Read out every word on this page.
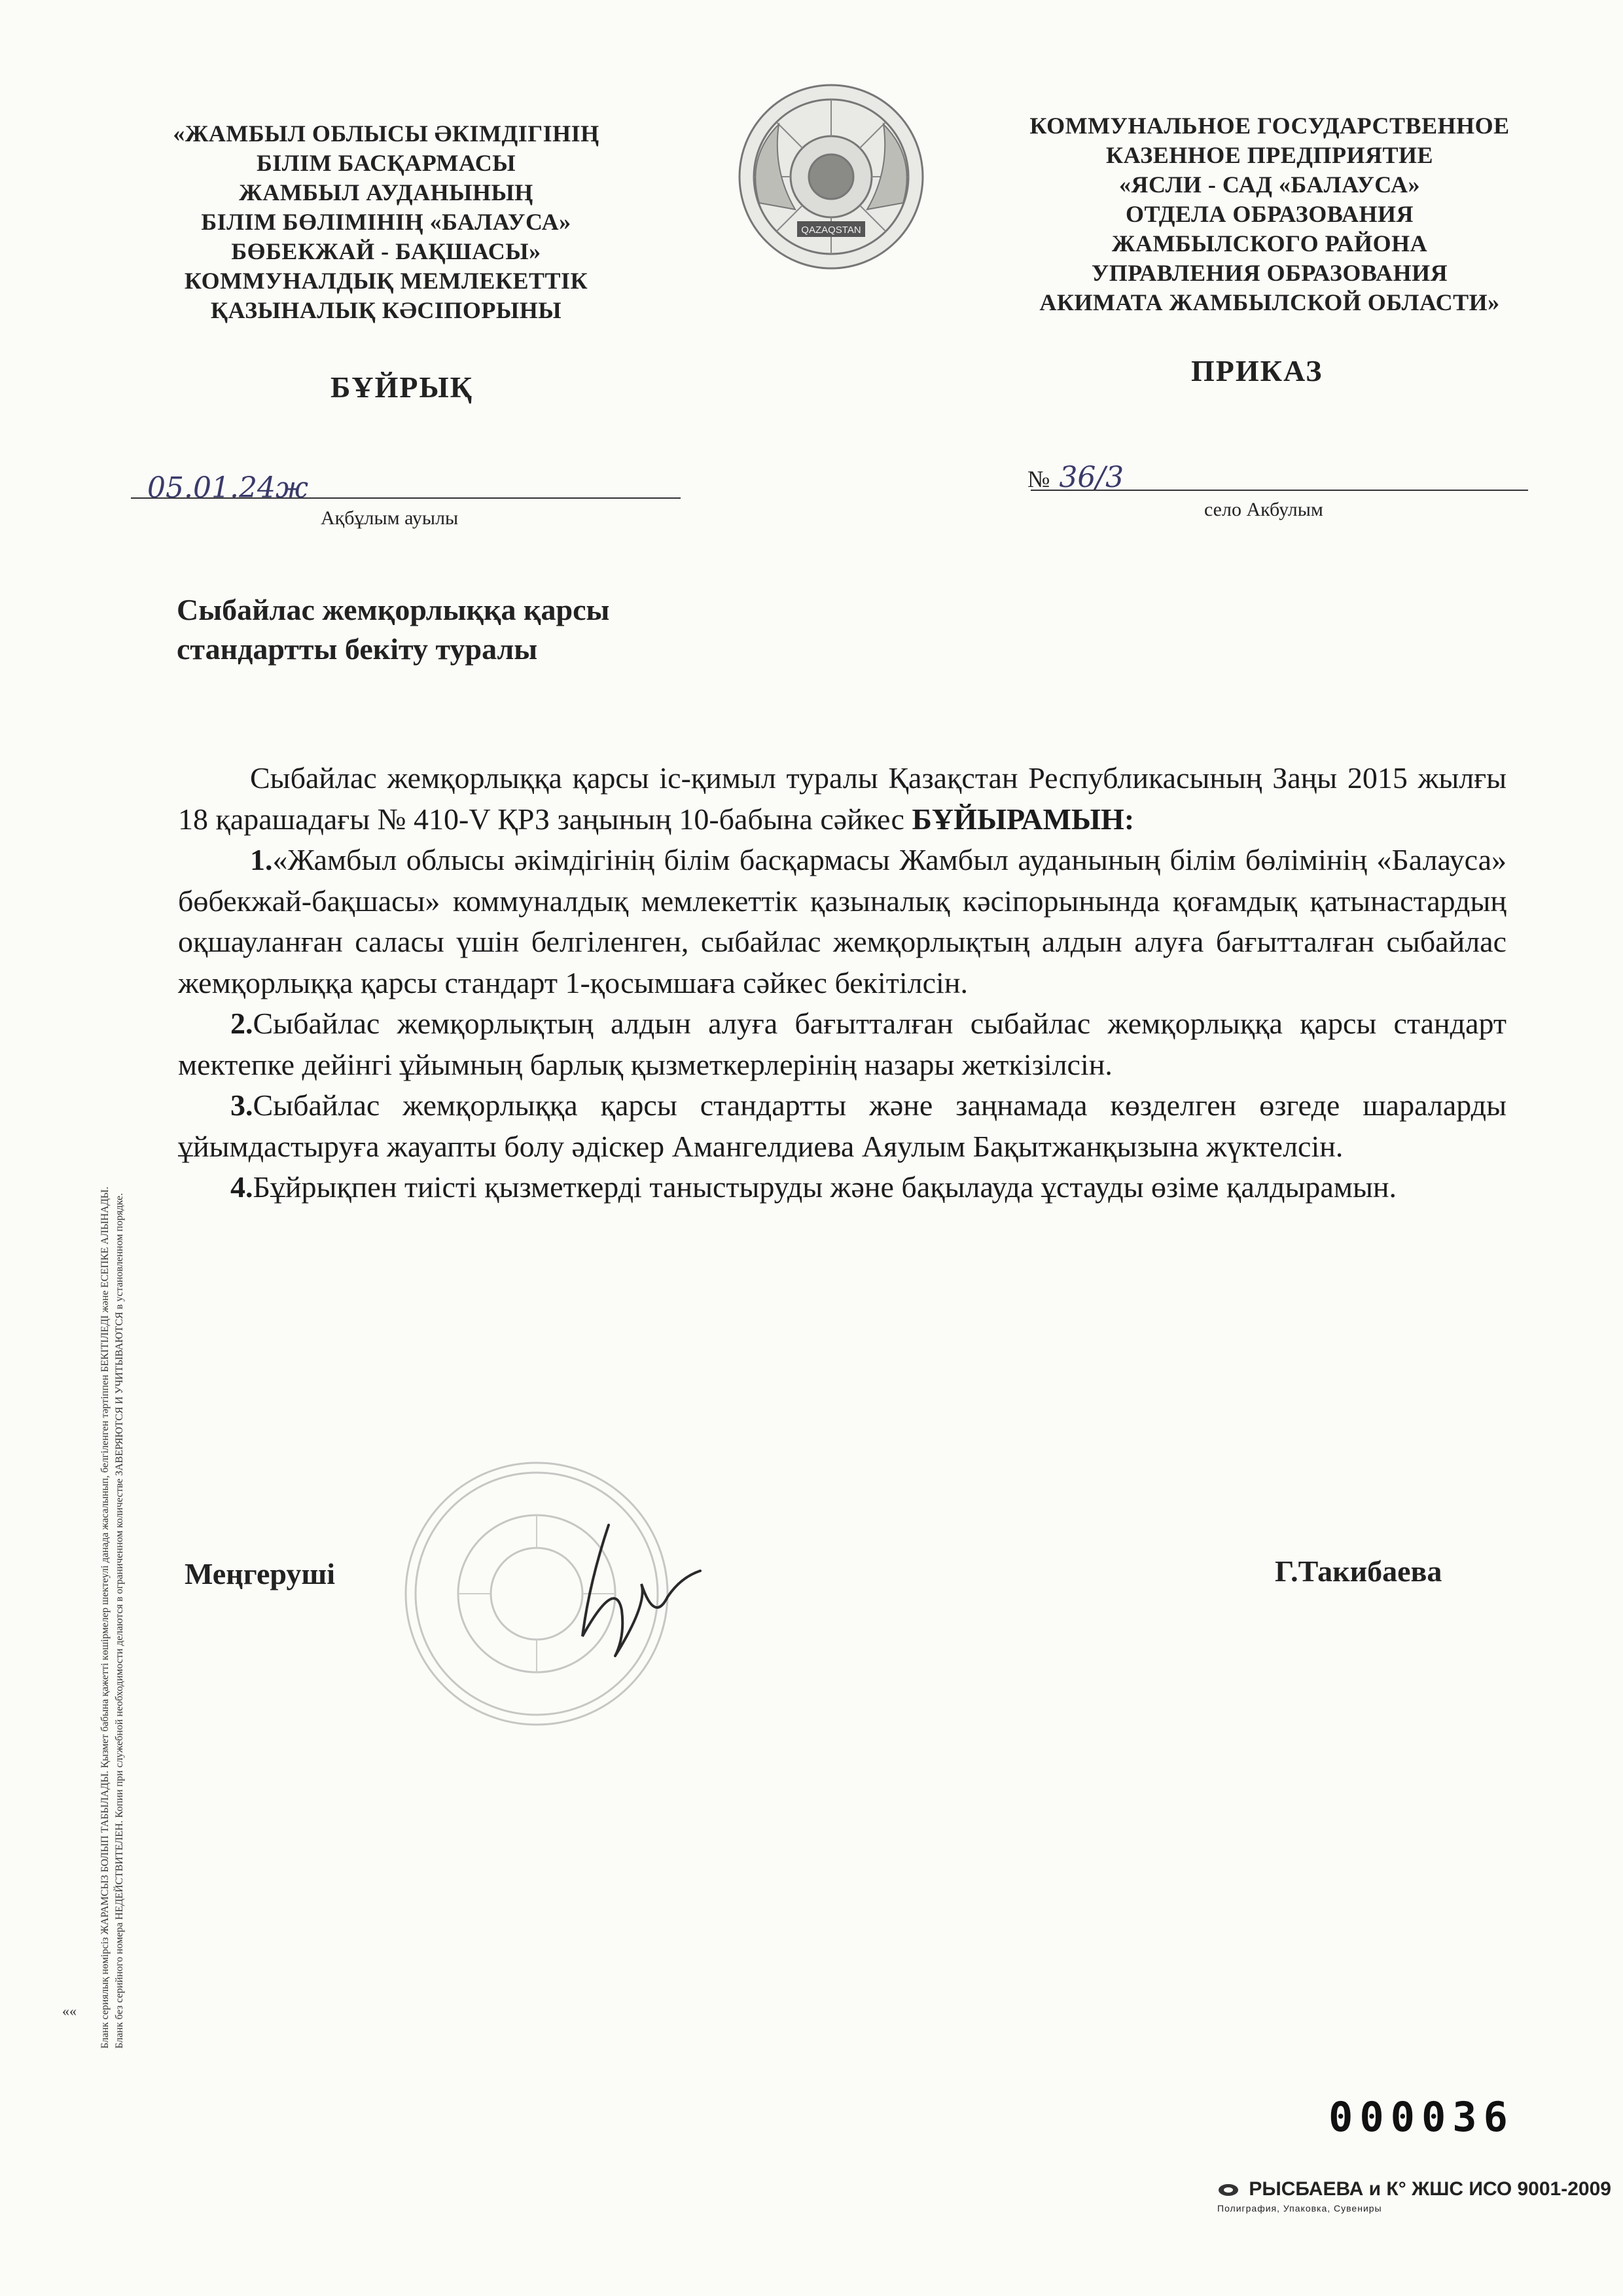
«ЖАМБЫЛ ОБЛЫСЫ ӘКІМДІГІНІҢ
БІЛІМ БАСҚАРМАСЫ
ЖАМБЫЛ АУДАНЫНЫҢ
БІЛІМ БӨЛІМІНІҢ «БАЛАУСА»
БӨБЕКЖАЙ - БАҚШАСЫ»
КОММУНАЛДЫҚ МЕМЛЕКЕТТІК
ҚАЗЫНАЛЫҚ КӘСІПОРЫНЫ
QAZAQSTAN
КОММУНАЛЬНОЕ ГОСУДАРСТВЕННОЕ
КАЗЕННОЕ ПРЕДПРИЯТИЕ
«ЯСЛИ - САД «БАЛАУСА»
ОТДЕЛА ОБРАЗОВАНИЯ
ЖАМБЫЛСКОГО РАЙОНА
УПРАВЛЕНИЯ ОБРАЗОВАНИЯ
АКИМАТА ЖАМБЫЛСКОЙ ОБЛАСТИ»
БҰЙРЫҚ	ПРИКАЗ
05.01.24ж
Ақбұлым ауылы
№ 36/3
село Акбулым
Сыбайлас жемқорлыққа қарсы
стандартты бекіту туралы

Сыбайлас жемқорлыққа қарсы іс-қимыл туралы Қазақстан Республикасының Заңы 2015 жылғы 18 қарашадағы № 410-V ҚРЗ заңының 10-бабына сәйкес БҰЙЫРАМЫН:

1.«Жамбыл облысы әкімдігінің білім басқармасы Жамбыл ауданының білім бөлімінің «Балауса» бөбекжай-бақшасы» коммуналдық мемлекеттік қазыналық кәсіпорынында қоғамдық қатынастардың оқшауланған саласы үшін белгіленген, сыбайлас жемқорлықтың алдын алуға бағытталған сыбайлас жемқорлыққа қарсы стандарт 1-қосымшаға сәйкес бекітілсін.

2.Сыбайлас жемқорлықтың алдын алуға бағытталған сыбайлас жемқорлыққа қарсы стандарт мектепке дейінгі ұйымның барлық қызметкерлерінің назары жеткізілсін.

3.Сыбайлас жемқорлыққа қарсы стандартты және заңнамада көзделген өзгеде шараларды ұйымдастыруға жауапты болу әдіскер Амангелдиева Аяулым Бақытжанқызына жүктелсін.

4.Бұйрықпен тиісті қызметкерді таныстыруды және бақылауда ұстауды өзіме қалдырамын.

Меңгеруші	Г.Такибаева
Бланк сериялық нөмірсіз ЖАРАМСЫЗ БОЛЫП ТАБЫЛАДЫ. Қызмет бабына қажетті көшірмелер шектеулі данада жасалынып, белгіленген тәртіппен БЕКІТІЛЕДІ және ЕСЕПКЕ АЛЫНАДЫ. Бланк без серийного номера НЕДЕЙСТВИТЕЛЕН. Копии при служебной необходимости делаются в ограниченном количестве ЗАВЕРЯЮТСЯ И УЧИТЫВАЮТСЯ в установленном порядке.
««
000036
РЫСБАЕВА и К° ЖШС ИСО 9001-2009
Полиграфия, Упаковка, Сувениры
